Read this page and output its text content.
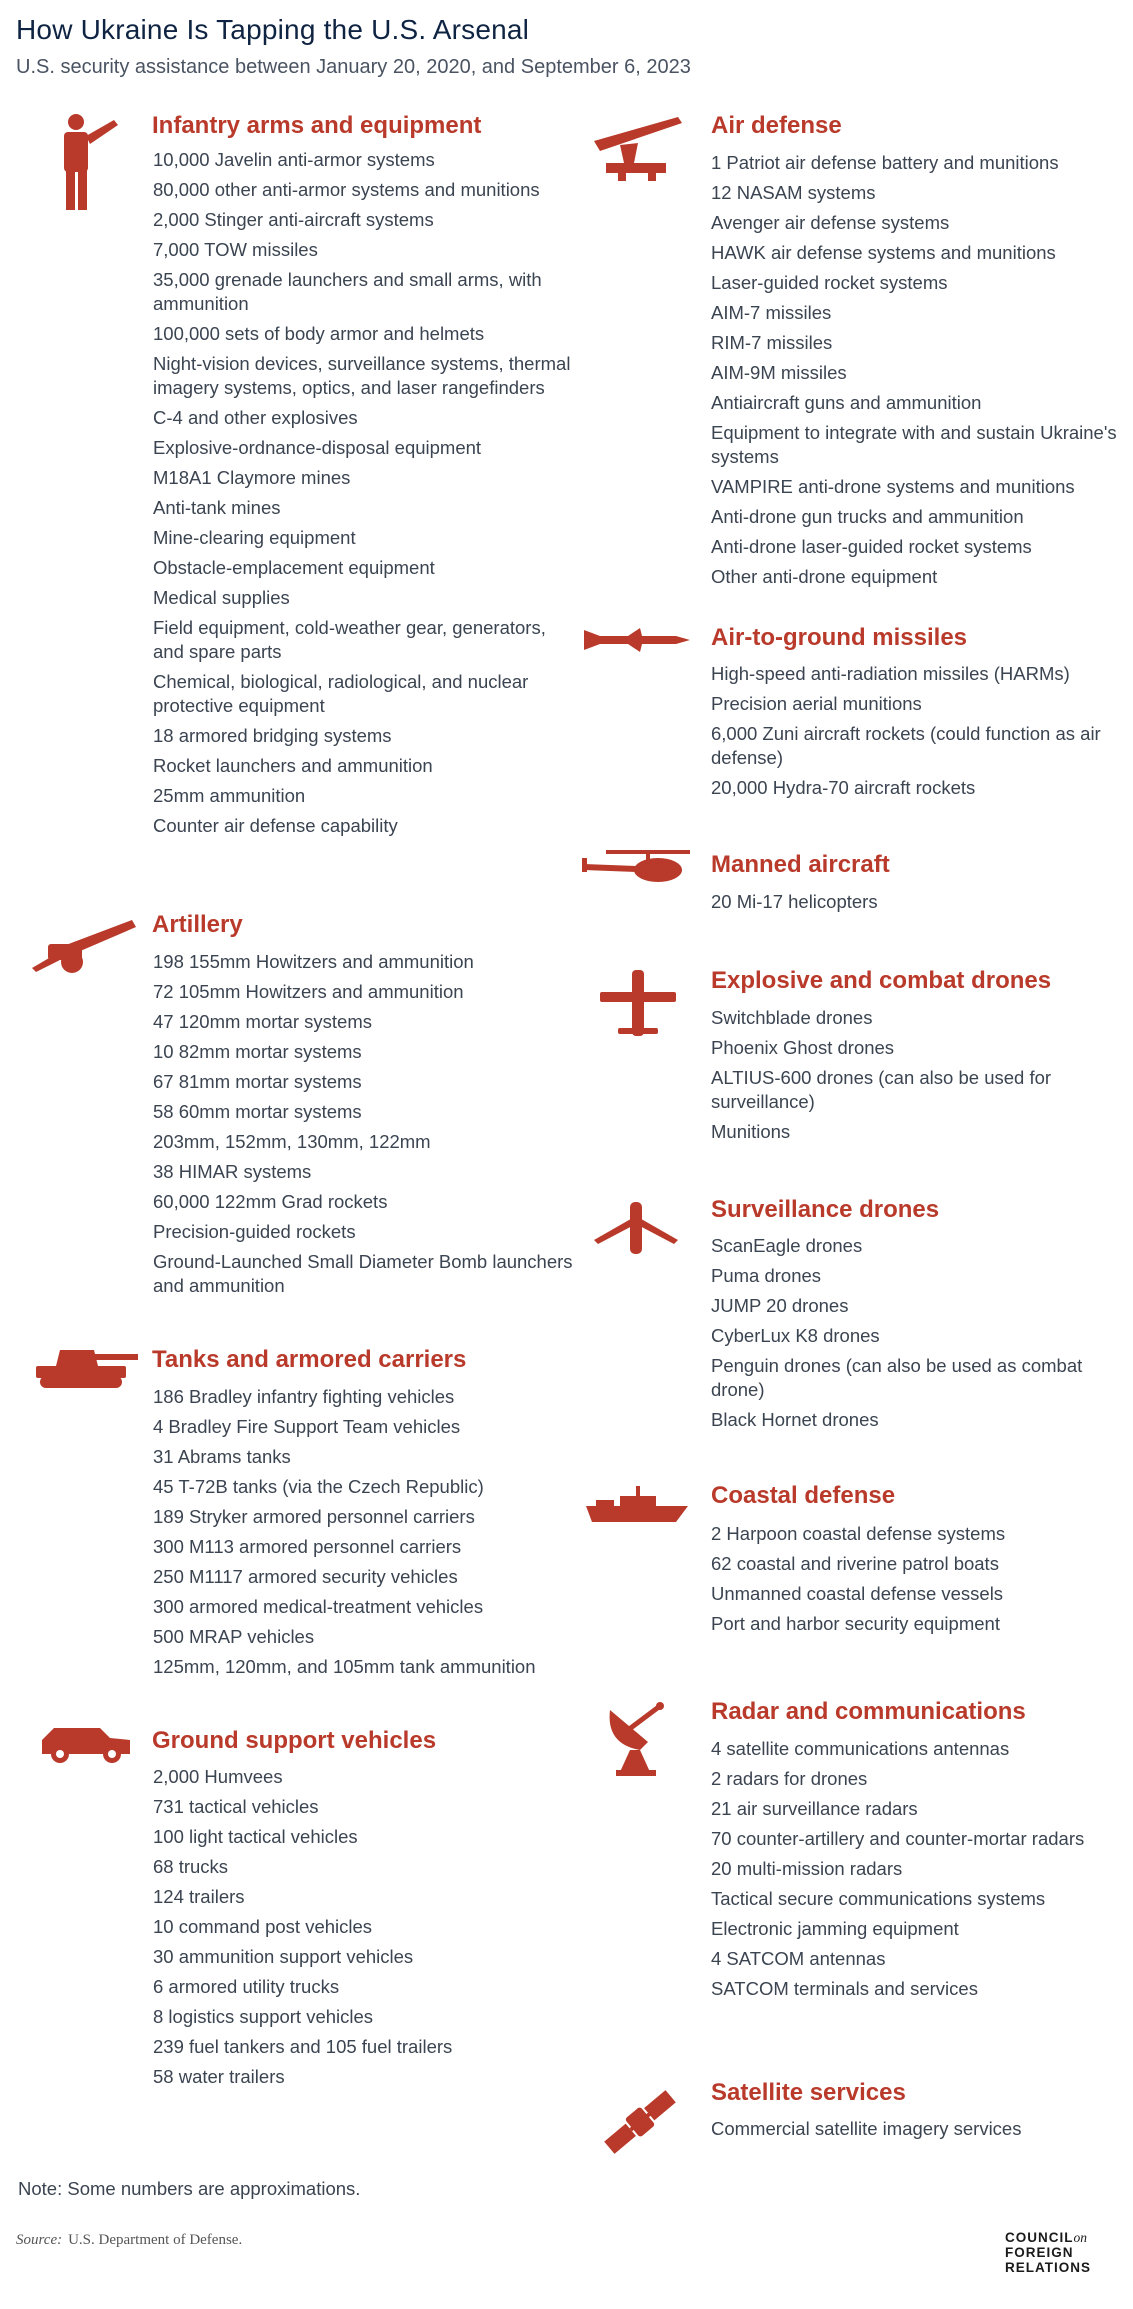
How Ukraine Is Tapping the U.S. Arsenal
U.S. security assistance between January 20, 2020, and September 6, 2023
Infantry arms and equipment
10,000 Javelin anti-armor systems
80,000 other anti-armor systems and munitions
2,000 Stinger anti-aircraft systems
7,000 TOW missiles
35,000 grenade launchers and small arms, with ammunition
100,000 sets of body armor and helmets
Night-vision devices, surveillance systems, thermal imagery systems, optics, and laser rangefinders
C-4 and other explosives
Explosive-ordnance-disposal equipment
M18A1 Claymore mines
Anti-tank mines
Mine-clearing equipment
Obstacle-emplacement equipment
Medical supplies
Field equipment, cold-weather gear, generators, and spare parts
Chemical, biological, radiological, and nuclear protective equipment
18 armored bridging systems
Rocket launchers and ammunition
25mm ammunition
Counter air defense capability
Artillery
198 155mm Howitzers and ammunition
72 105mm Howitzers and ammunition
47 120mm mortar systems
10 82mm mortar systems
67 81mm mortar systems
58 60mm mortar systems
203mm, 152mm, 130mm, 122mm
38 HIMAR systems
60,000 122mm Grad rockets
Precision-guided rockets
Ground-Launched Small Diameter Bomb launchers and ammunition
Tanks and armored carriers
186 Bradley infantry fighting vehicles
4 Bradley Fire Support Team vehicles
31 Abrams tanks
45 T-72B tanks (via the Czech Republic)
189 Stryker armored personnel carriers
300 M113 armored personnel carriers
250 M1117 armored security vehicles
300 armored medical-treatment vehicles
500 MRAP vehicles
125mm, 120mm, and 105mm tank ammunition
Ground support vehicles
2,000 Humvees
731 tactical vehicles
100 light tactical vehicles
68 trucks
124 trailers
10 command post vehicles
30 ammunition support vehicles
6 armored utility trucks
8 logistics support vehicles
239 fuel tankers and 105 fuel trailers
58 water trailers
Air defense
1 Patriot air defense battery and munitions
12 NASAM systems
Avenger air defense systems
HAWK air defense systems and munitions
Laser-guided rocket systems
AIM-7 missiles
RIM-7 missiles
AIM-9M missiles
Antiaircraft guns and ammunition
Equipment to integrate with and sustain Ukraine's systems
VAMPIRE anti-drone systems and munitions
Anti-drone gun trucks and ammunition
Anti-drone laser-guided rocket systems
Other anti-drone equipment
Air-to-ground missiles
High-speed anti-radiation missiles (HARMs)
Precision aerial munitions
6,000 Zuni aircraft rockets (could function as air defense)
20,000 Hydra-70 aircraft rockets
Manned aircraft
20 Mi-17 helicopters
Explosive and combat drones
Switchblade drones
Phoenix Ghost drones
ALTIUS-600 drones (can also be used for surveillance)
Munitions
Surveillance drones
ScanEagle drones
Puma drones
JUMP 20 drones
CyberLux K8 drones
Penguin drones (can also be used as combat drone)
Black Hornet drones
Coastal defense
2 Harpoon coastal defense systems
62 coastal and riverine patrol boats
Unmanned coastal defense vessels
Port and harbor security equipment
Radar and communications
4 satellite communications antennas
2 radars for drones
21 air surveillance radars
70 counter-artillery and counter-mortar radars
20 multi-mission radars
Tactical secure communications systems
Electronic jamming equipment
4 SATCOM antennas
SATCOM terminals and services
Satellite services
Commercial satellite imagery services
Note: Some numbers are approximations.
Source: U.S. Department of Defense.	COUNCILon
FOREIGN
RELATIONS
